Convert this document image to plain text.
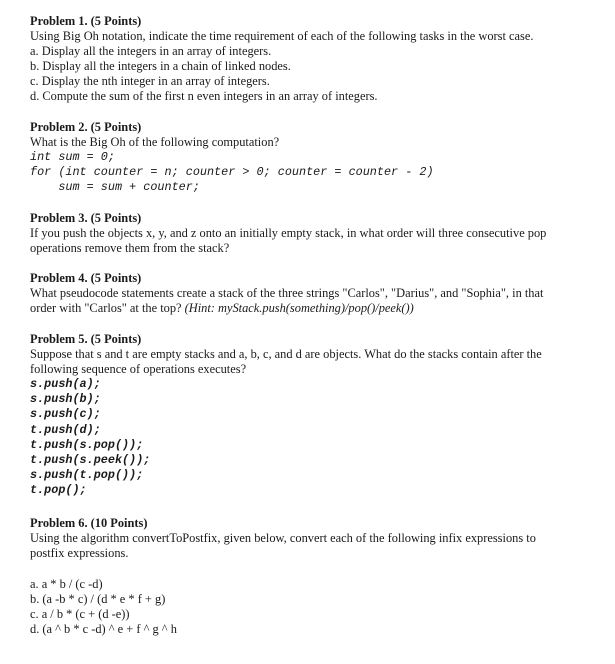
Problem 1. (5 Points)
Using Big Oh notation, indicate the time requirement of each of the following tasks in the worst case.
a. Display all the integers in an array of integers.
b. Display all the integers in a chain of linked nodes.
c. Display the nth integer in an array of integers.
d. Compute the sum of the first n even integers in an array of integers.
Problem 2. (5 Points)
What is the Big Oh of the following computation?
int sum = 0;
for (int counter = n; counter > 0; counter = counter - 2)
sum = sum + counter;
Problem 3. (5 Points)
If you push the objects x, y, and z onto an initially empty stack, in what order will three consecutive pop
operations remove them from the stack?
Problem 4. (5 Points)
What pseudocode statements create a stack of the three strings "Carlos", "Darius", and "Sophia", in that
order with "Carlos" at the top? (Hint: myStack.push(something)/pop()/peek())
Problem 5. (5 Points)
Suppose that s and t are empty stacks and a, b, c, and d are objects. What do the stacks contain after the
following sequence of operations executes?
s.push(a);
s.push(b);
s.push(c);
t.push(d);
t.push(s.pop());
t.push(s.peek());
s.push(t.pop());
t.pop();
Problem 6. (10 Points)
Using the algorithm convertToPostfix, given below, convert each of the following infix expressions to
postfix expressions.
a. a * b / (c -d)
b. (a -b * c) / (d * e * f + g)
c. a / b * (c + (d -e))
d. (a ^ b * c -d) ^ e + f ^ g ^ h
